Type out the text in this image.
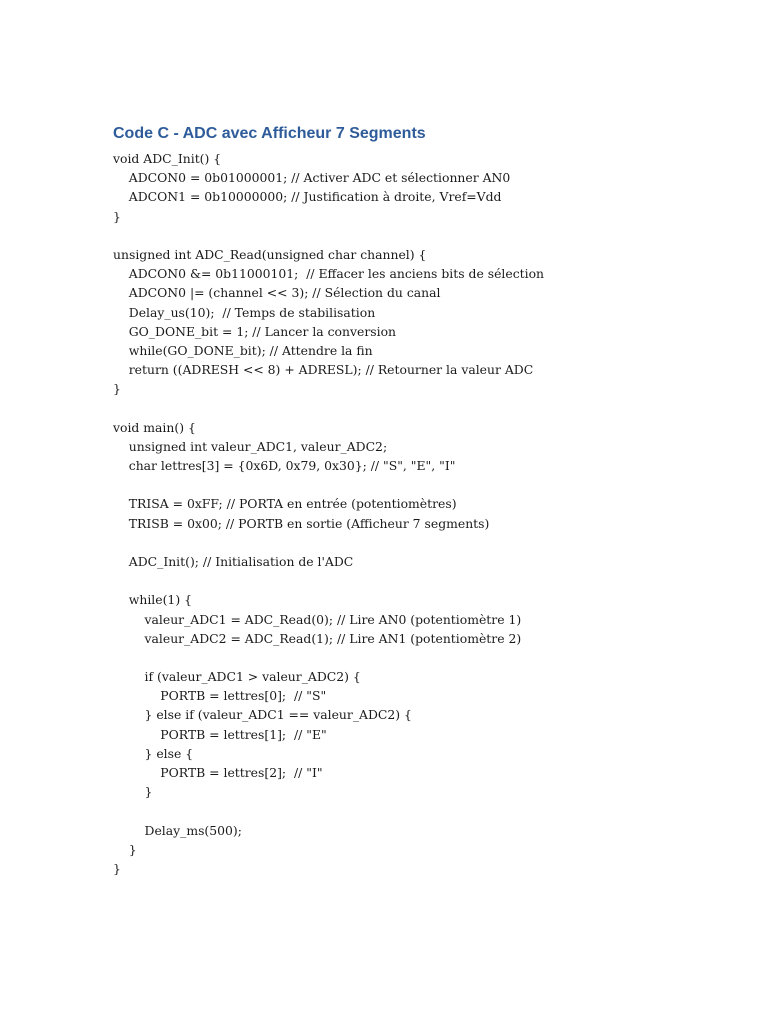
Code C - ADC avec Afficheur 7 Segments
void ADC_Init() {
ADCON0 = 0b01000001; // Activer ADC et sélectionner AN0
ADCON1 = 0b10000000; // Justification à droite, Vref=Vdd
}
unsigned int ADC_Read(unsigned char channel) {
ADCON0 &= 0b11000101;  // Effacer les anciens bits de sélection
ADCON0 |= (channel << 3); // Sélection du canal
Delay_us(10);  // Temps de stabilisation
GO_DONE_bit = 1; // Lancer la conversion
while(GO_DONE_bit); // Attendre la fin
return ((ADRESH << 8) + ADRESL); // Retourner la valeur ADC
}
void main() {
unsigned int valeur_ADC1, valeur_ADC2;
char lettres[3] = {0x6D, 0x79, 0x30}; // "S", "E", "I"
TRISA = 0xFF; // PORTA en entrée (potentiomètres)
TRISB = 0x00; // PORTB en sortie (Afficheur 7 segments)
ADC_Init(); // Initialisation de l'ADC
while(1) {
valeur_ADC1 = ADC_Read(0); // Lire AN0 (potentiomètre 1)
valeur_ADC2 = ADC_Read(1); // Lire AN1 (potentiomètre 2)
if (valeur_ADC1 > valeur_ADC2) {
PORTB = lettres[0];  // "S"
} else if (valeur_ADC1 == valeur_ADC2) {
PORTB = lettres[1];  // "E"
} else {
PORTB = lettres[2];  // "I"
}
Delay_ms(500);
}
}
